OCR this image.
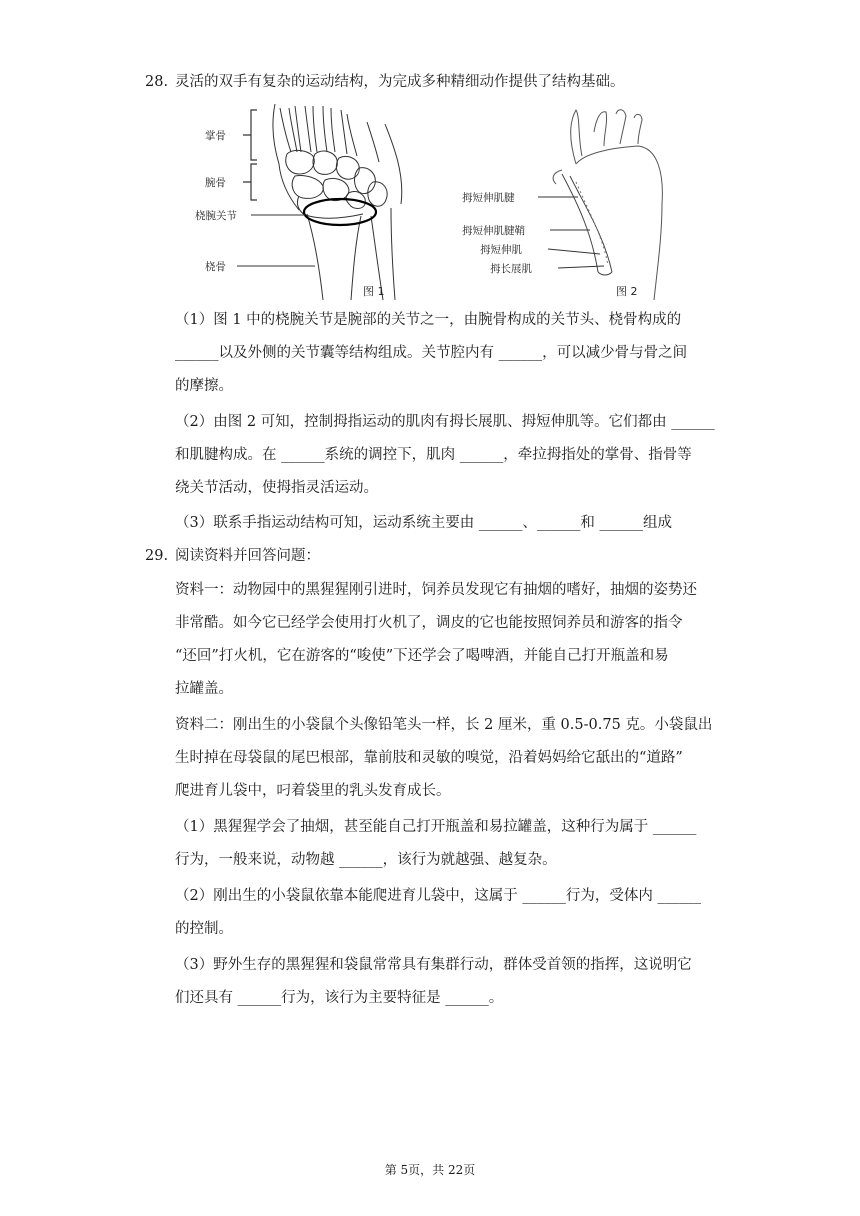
28. 灵活的双手有复杂的运动结构，为完成多种精细动作提供了结构基础。
掌骨
腕骨
桡腕关节
桡骨
图 1
拇短伸肌腱
拇短伸肌腱鞘
拇短伸肌
拇长展肌
图 2
（1）图 1 中的桡腕关节是腕部的关节之一，由腕骨构成的关节头、桡骨构成的
______以及外侧的关节囊等结构组成。关节腔内有 ______，可以减少骨与骨之间
的摩擦。
（2）由图 2 可知，控制拇指运动的肌肉有拇长展肌、拇短伸肌等。它们都由 ______
和肌腱构成。在 ______系统的调控下，肌肉 ______，牵拉拇指处的掌骨、指骨等
绕关节活动，使拇指灵活运动。
（3）联系手指运动结构可知，运动系统主要由 ______、______和 ______组成
29. 阅读资料并回答问题：
资料一：动物园中的黑猩猩刚引进时，饲养员发现它有抽烟的嗜好，抽烟的姿势还
非常酷。如今它已经学会使用打火机了，调皮的它也能按照饲养员和游客的指令
“还回”打火机，它在游客的“唆使”下还学会了喝啤酒，并能自己打开瓶盖和易
拉罐盖。
资料二：刚出生的小袋鼠个头像铅笔头一样，长 2 厘米，重 0.5-0.75 克。小袋鼠出
生时掉在母袋鼠的尾巴根部，靠前肢和灵敏的嗅觉，沿着妈妈给它舐出的“道路”
爬进育儿袋中，叼着袋里的乳头发育成长。
（1）黑猩猩学会了抽烟，甚至能自己打开瓶盖和易拉罐盖，这种行为属于 ______
行为，一般来说，动物越 ______，该行为就越强、越复杂。
（2）刚出生的小袋鼠依靠本能爬进育儿袋中，这属于 ______行为，受体内 ______
的控制。
（3）野外生存的黑猩猩和袋鼠常常具有集群行动，群体受首领的指挥，这说明它
们还具有 ______行为，该行为主要特征是 ______。
第 5页，共 22页
